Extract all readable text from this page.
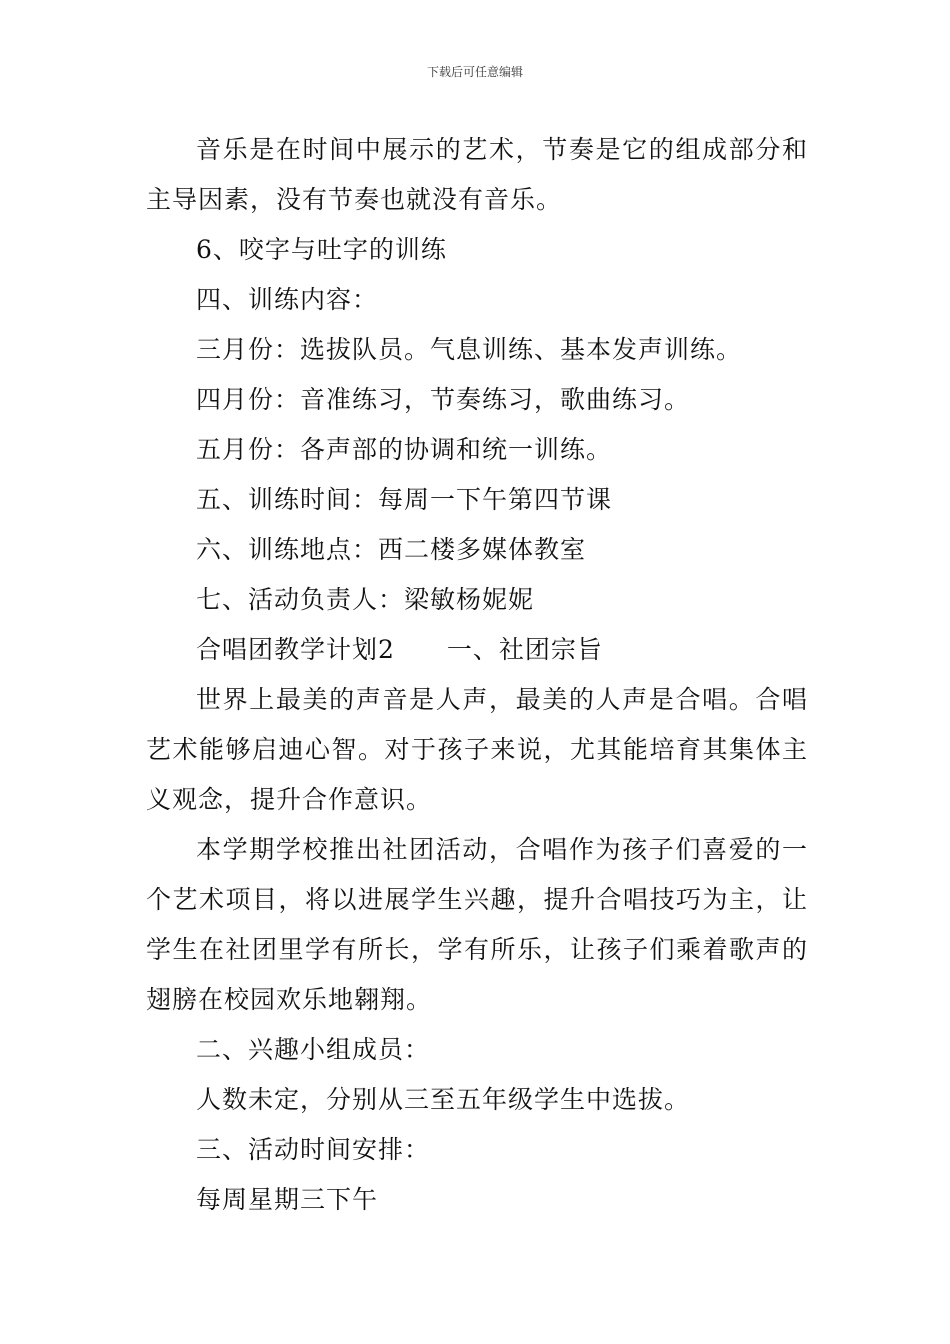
下载后可任意编辑
音乐是在时间中展示的艺术，节奏是它的组成部分和
主导因素，没有节奏也就没有音乐。
6、咬字与吐字的训练
四、训练内容：
三月份：选拔队员。气息训练、基本发声训练。
四月份：音准练习，节奏练习，歌曲练习。
五月份：各声部的协调和统一训练。
五、训练时间：每周一下午第四节课
六、训练地点：西二楼多媒体教室
七、活动负责人：梁敏杨妮妮
合唱团教学计划2 一、社团宗旨
世界上最美的声音是人声，最美的人声是合唱。合唱
艺术能够启迪心智。对于孩子来说，尤其能培育其集体主
义观念，提升合作意识。
本学期学校推出社团活动，合唱作为孩子们喜爱的一
个艺术项目，将以进展学生兴趣，提升合唱技巧为主，让
学生在社团里学有所长，学有所乐，让孩子们乘着歌声的
翅膀在校园欢乐地翱翔。
二、兴趣小组成员：
人数未定，分别从三至五年级学生中选拔。
三、活动时间安排：
每周星期三下午
